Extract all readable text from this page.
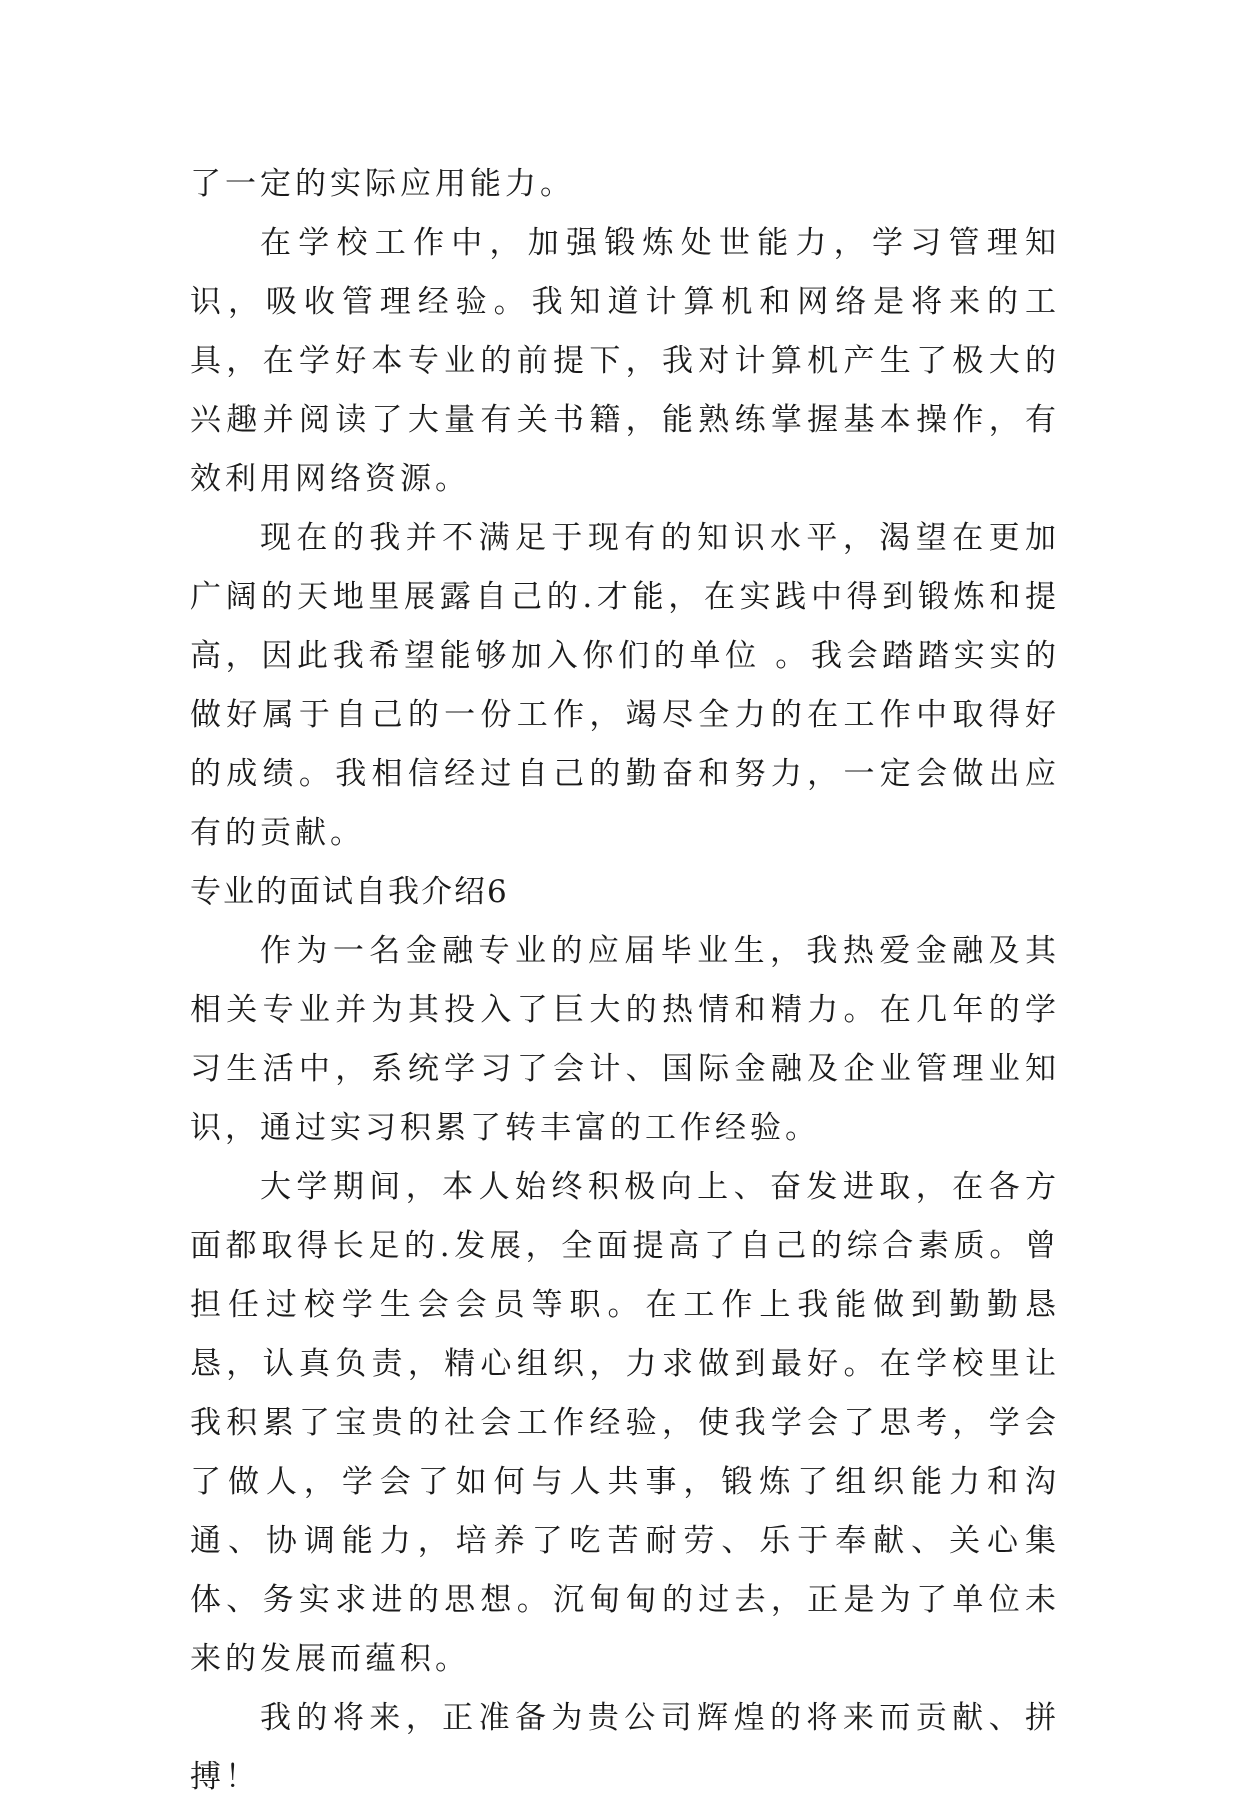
了一定的实际应用能力。

在学校工作中，加强锻炼处世能力，学习管理知识，吸收管理经验。我知道计算机和网络是将来的工具，在学好本专业的前提下，我对计算机产生了极大的兴趣并阅读了大量有关书籍，能熟练掌握基本操作，有效利用网络资源。

现在的我并不满足于现有的知识水平，渴望在更加广阔的天地里展露自己的.才能，在实践中得到锻炼和提高，因此我希望能够加入你们的单位 。我会踏踏实实的做好属于自己的一份工作，竭尽全力的在工作中取得好的成绩。我相信经过自己的勤奋和努力，一定会做出应有的贡献。

专业的面试自我介绍6

作为一名金融专业的应届毕业生，我热爱金融及其相关专业并为其投入了巨大的热情和精力。在几年的学习生活中，系统学习了会计、国际金融及企业管理业知识，通过实习积累了转丰富的工作经验。

大学期间，本人始终积极向上、奋发进取，在各方面都取得长足的.发展，全面提高了自己的综合素质。曾担任过校学生会会员等职。在工作上我能做到勤勤恳恳，认真负责，精心组织，力求做到最好。在学校里让我积累了宝贵的社会工作经验，使我学会了思考，学会了做人，学会了如何与人共事，锻炼了组织能力和沟通、协调能力，培养了吃苦耐劳、乐于奉献、关心集体、务实求进的思想。沉甸甸的过去，正是为了单位未来的发展而蕴积。

我的将来，正准备为贵公司辉煌的将来而贡献、拼搏！
